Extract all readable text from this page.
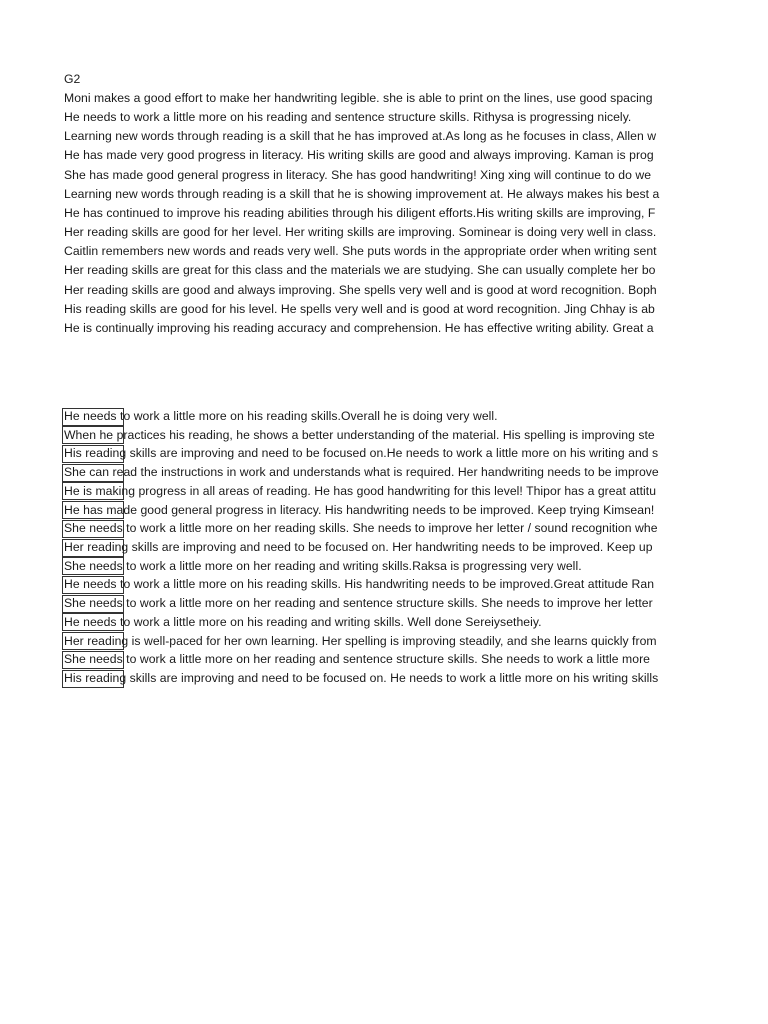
G2
Moni makes a good effort to make her handwriting legible. she is able to print on the lines, use good spacing
He needs to work a little more on his reading and sentence structure skills. Rithysa is progressing nicely.
Learning new words through reading is a skill that he has improved at.As long as he focuses in class, Allen w
He has made very good progress in literacy. His writing skills are good and always improving. Kaman is prog
She has made good general progress in literacy. She has good handwriting! Xing xing will continue to do we
Learning new words through reading is a skill that he is showing improvement at. He always makes his best a
He has continued to improve his reading abilities through his diligent efforts.His writing skills are improving, F
Her reading skills are good for her level. Her writing skills are improving. Sominear is doing very well in class.
Caitlin remembers new words and reads very well. She puts words in the appropriate order when writing sent
Her reading skills are great for this class and the materials we are studying. She can usually complete her bo
Her reading skills are good and always improving. She spells very well and is good at word recognition. Boph
His reading skills are good for his level. He spells very well and is good at word recognition. Jing Chhay is ab
He is continually improving his reading accuracy and comprehension. He has effective writing ability. Great a
He needs to work a little more on his reading skills.Overall he is doing very well.
When he practices his reading, he shows a better understanding of the material. His spelling is improving ste
His reading skills are improving and need to be focused on.He needs to work a little more on his writing and s
She can read the instructions in work and understands what is required. Her handwriting needs to be improve
He is making progress in all areas of reading. He has good handwriting for this level! Thipor has a great attitu
He has made good general progress in literacy. His handwriting needs to be improved. Keep trying Kimsean!
She needs to work a little more on her reading skills. She needs to improve her letter / sound recognition whe
Her reading skills are improving and need to be focused on. Her handwriting needs to be improved. Keep up
She needs to work a little more on her reading and writing skills.Raksa is progressing very well.
He needs to work a little more on his reading skills. His handwriting needs to be improved.Great attitude Ran
She needs to work a little more on her reading and sentence structure skills. She needs to improve her letter
He needs to work a little more on his reading and writing skills. Well done Sereiysetheiy.
Her reading is well-paced for her own learning. Her spelling is improving steadily, and she learns quickly from
She needs to work a little more on her reading and sentence structure skills. She needs to work a little more
His reading skills are improving and need to be focused on. He needs to work a little more on his writing skills
